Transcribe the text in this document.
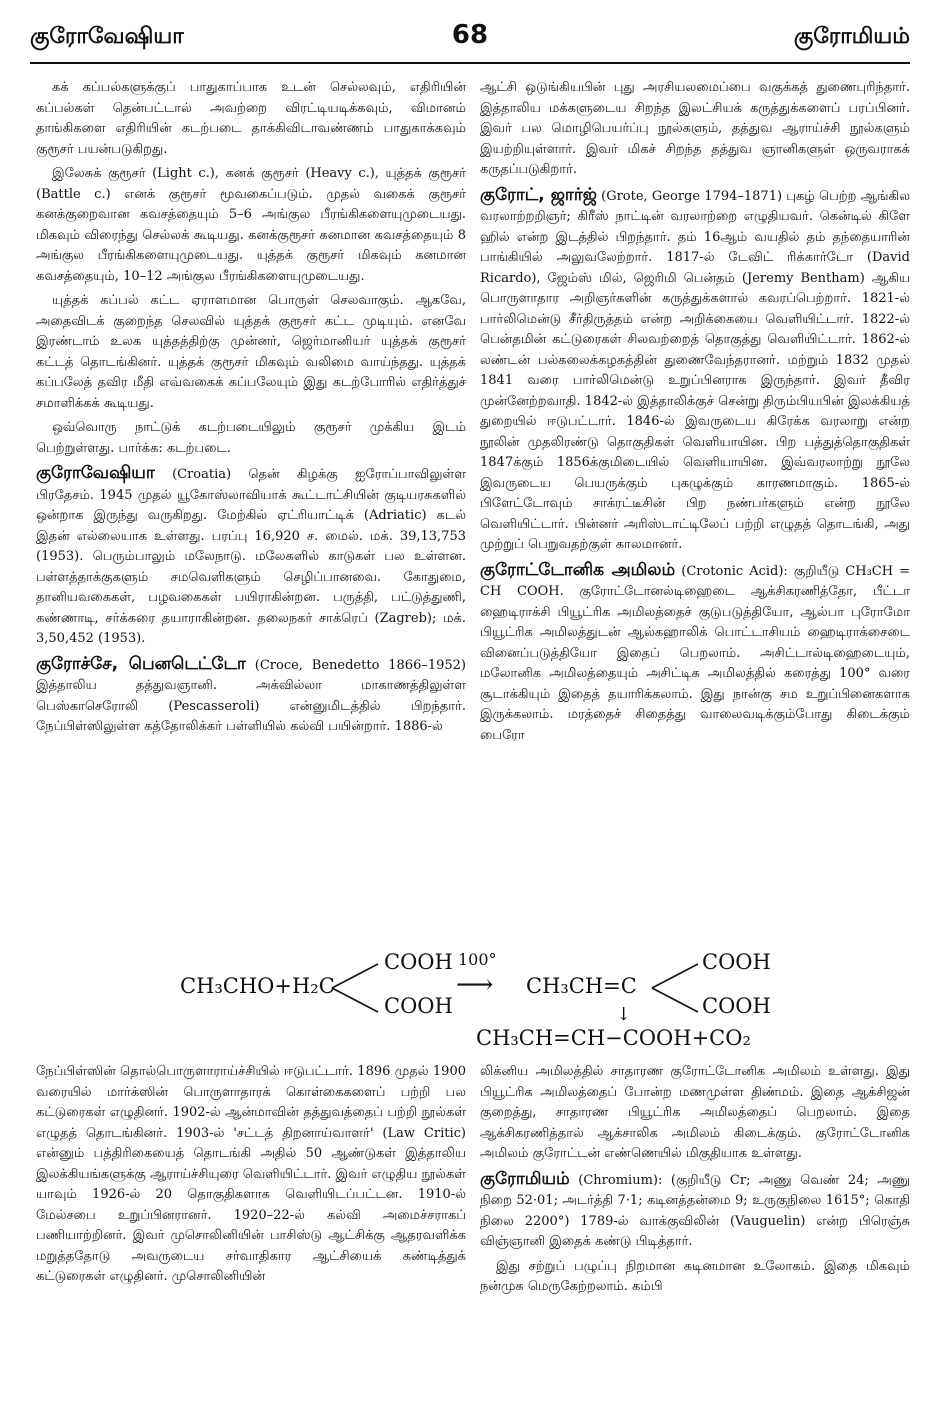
குரோவேஷியா	68	குரோமியம்

கக் கப்பல்களுக்குப் பாதுகாப்பாக உடன் செல்லவும், எதிரியின் கப்பல்கள் தென்பட்டால் அவற்றை விரட்டியடிக்கவும், விமானம் தாங்கிகளை எதிரியின் கடற்படை தாக்கிவிடாவண்ணம் பாதுகாக்கவும் குரூசர் பயன்படுகிறது.

இலேசுக் குரூசர் (Light c.), கனக் குரூசர் (Heavy c.), யுத்தக் குரூசர் (Battle c.) எனக் குரூசர் மூவகைப்படும். முதல் வகைக் குரூசர் கனக்குறைவான கவசத்தையும் 5–6 அங்குல பீரங்கிகளையுமுடையது. மிகவும் விரைந்து செல்லக் கூடியது. கனக்குரூசர் கனமான கவசத்தையும் 8 அங்குல பீரங்கிகளையுமுடையது. யுத்தக் குரூசர் மிகவும் கனமான கவசத்தையும், 10–12 அங்குல பீரங்கிகளையுமுடையது.

யுத்தக் கப்பல் கட்ட ஏராளமான பொருள் செலவாகும். ஆகவே, அதைவிடக் குறைந்த செலவில் யுத்தக் குரூசர் கட்ட முடியும். எனவே இரண்டாம் உலக யுத்தத்திற்கு முன்னர், ஜெர்மானியர் யுத்தக் குரூசர் கட்டத் தொடங்கினர். யுத்தக் குரூசர் மிகவும் வலிமை வாய்ந்தது. யுத்தக் கப்பலேத் தவிர மீதி எவ்வகைக் கப்பலேயும் இது கடற்போரில் எதிர்த்துச் சமாளிக்கக் கூடியது.

ஒவ்வொரு நாட்டுக் கடற்படையிலும் குரூசர் முக்கிய இடம் பெற்றுள்ளது. பார்க்க: கடற்படை.

குரோவேஷியா (Croatia) தென் கிழக்கு ஐரோப்பாவிலுள்ள பிரதேசம். 1945 முதல் யூகோஸ்லாவியாக் கூட்டாட்சியின் குடியரசுகளில் ஒன்றாக இருந்து வருகிறது. மேற்கில் ஏட்ரியாட்டிக் (Adriatic) கடல் இதன் எல்லையாக உள்ளது. பரப்பு 16,920 ச. மைல். மக். 39,13,753 (1953). பெரும்பாலும் மலேநாடு. மலேகளில் காடுகள் பல உள்ளன. பள்ளத்தாக்குகளும் சமவெளிகளும் செழிப்பானவை. கோதுமை, தானியவகைகள், பழவகைகள் பயிராகின்றன. பருத்தி, பட்டுத்துணி, கண்ணாடி, சர்க்கரை தயாராகின்றன. தலைநகர் சாக்ரெப் (Zagreb); மக். 3,50,452 (1953).

குரோச்சே, பெனடெட்டோ (Croce, Benedetto 1866–1952) இத்தாலிய தத்துவஞானி. அக்வில்லா மாகாணத்திலுள்ள பெஸ்காசெரோலி (Pescasseroli) என்னுமிடத்தில் பிறந்தார். நேப்பிள்ஸிலுள்ள கத்தோலிக்கர் பள்ளியில் கல்வி பயின்றார். 1886-ல்

ஆட்சி ஒடுங்கியபின் புது அரசியலமைப்பை வகுக்கத் துணைபுரிந்தார். இத்தாலிய மக்களுடைய சிறந்த இலட்சியக் கருத்துக்களைப் பரப்பினர். இவர் பல மொழிபெயர்ப்பு நூல்களும், தத்துவ ஆராய்ச்சி நூல்களும் இயற்றியுள்ளார். இவர் மிகச் சிறந்த தத்துவ ஞானிகளுள் ஒருவராகக் கருதப்படுகிறார்.

குரோட், ஜார்ஜ் (Grote, George 1794–1871) புகழ் பெற்ற ஆங்கில வரலாற்றறிஞர்; கிரீஸ் நாட்டின் வரலாற்றை எழுதியவர். கென்டில் கிளே ஹில் என்ற இடத்தில் பிறந்தார். தம் 16ஆம் வயதில் தம் தந்தையாரின் பாங்கியில் அலுவலேற்றார். 1817-ல் டேவிட் ரிக்கார்டோ (David Ricardo), ஜேம்ஸ் மில், ஜெரிமி பென்தம் (Jeremy Bentham) ஆகிய பொருளாதார அறிஞர்களின் கருத்துக்களால் கவரப்பெற்றார். 1821-ல் பார்லிமென்டு சீர்திருத்தம் என்ற அறிக்கையை வெளியிட்டார். 1822-ல் பென்தமின் கட்டுரைகள் சிலவற்றைத் தொகுத்து வெளியிட்டார். 1862-ல் லண்டன் பல்கலைக்கழகத்தின் துணைவேந்தரானர். மற்றும் 1832 முதல் 1841 வரை பார்லிமென்டு உறுப்பினராக இருந்தார். இவர் தீவிர முன்னேற்றவாதி. 1842-ல் இத்தாலிக்குச் சென்று திரும்பியபின் இலக்கியத் துறையில் ஈடுபட்டார். 1846-ல் இவருடைய கிரேக்க வரலாறு என்ற நூலின் முதலிரண்டு தொகுதிகள் வெளியாயின. பிற பத்துத்தொகுதிகள் 1847க்கும் 1856க்குமிடையில் வெளியாயின. இவ்வரலாற்று நூலே இவருடைய பெயருக்கும் புகழுக்கும் காரணமாகும். 1865-ல் பிளேட்டோவும் சாக்ரட்டீசின் பிற நண்பர்களும் என்ற நூலே வெளியிட்டார். பின்னர் அரிஸ்டாட்டிலேப் பற்றி எழுதத் தொடங்கி, அது முற்றுப் பெறுவதற்குள் காலமானர்.

குரோட்டோனிக அமிலம் (Crotonic Acid): குறியீடு CH₃CH = CH COOH. குரோட்டோனல்டிஹைடை ஆக்சிகரணித்தோ, பீட்டா ஹைடிராக்சி பியூட்ரிக அமிலத்தைச் குடுபடுத்தியோ, ஆல்பா புரோமோ பியூட்ரிக அமிலத்துடன் ஆல்கஹாலிக் பொட்டாசியம் ஹைடிராக்சைடை வினைப்படுத்தியோ இதைப் பெறலாம். அசிட்டால்டிஹைடையும், மலோனிக அமிலத்தையும் அசிட்டிக அமிலத்தில் கரைத்து 100° வரை சூடாக்கியும் இதைத் தயாரிக்கலாம். இது நான்கு சம உறுப்பினைகளாக இருக்கலாம். மரத்தைச் சிதைத்து வாலைவடிக்கும்போது கிடைக்கும் பைரோ

CH₃CHO+H₂C
COOH
COOH
100°
⟶ CH₃CH=C
COOH
COOH
↓
CH₃CH=CH−COOH+CO₂

நேப்பிள்ஸின் தொல்பொருளாராய்ச்சியில் ஈடுபட்டார். 1896 முதல் 1900 வரையில் மார்க்ஸின் பொருளாதாரக் கொள்கைகளைப் பற்றி பல கட்டுரைகள் எழுதினர். 1902-ல் ஆன்மாவின் தத்துவத்தைப் பற்றி நூல்கள் எழுதத் தொடங்கினர். 1903-ல் 'சட்டத் திறனாய்வாளர்' (Law Critic) என்னும் பத்திரிகையைத் தொடங்கி அதில் 50 ஆண்டுகள் இத்தாலிய இலக்கியங்களுக்கு ஆராய்ச்சியுரை வெளியிட்டார். இவர் எழுதிய நூல்கள் யாவும் 1926-ல் 20 தொகுதிகளாக வெளியிடப்பட்டன. 1910-ல் மேல்சபை உறுப்பினரானர். 1920–22-ல் கல்வி அமைச்சராகப் பணியாற்றினர். இவர் முசொலினியின் பாசிஸ்டு ஆட்சிக்கு ஆதரவளிக்க மறுத்ததோடு அவருடைய சர்வாதிகார ஆட்சியைக் கண்டித்துக் கட்டுரைகள் எழுதினர். முசொலினியின்

லிக்னிய அமிலத்தில் சாதாரண குரோட்டோனிக அமிலம் உள்ளது. இது பியூட்ரிக அமிலத்தைப் போன்ற மணமுள்ள திண்மம். இதை ஆக்சிஜன் குறைத்து, சாதாரண பியூட்ரிக அமிலத்தைப் பெறலாம். இதை ஆக்சிகரணித்தால் ஆக்சாலிக அமிலம் கிடைக்கும். குரோட்டோனிக அமிலம் குரோட்டன் எண்ணெயில் மிகுதியாக உள்ளது.

குரோமியம் (Chromium): (குறியீடு Cr; அணு வெண் 24; அணு நிறை 52·01; அடர்த்தி 7·1; கடினத்தன்மை 9; உருகுநிலை 1615°; கொதி நிலை 2200°) 1789-ல் வாக்குவிலின் (Vauguelin) என்ற பிரெஞ்சு விஞ்ஞானி இதைக் கண்டு பிடித்தார்.

இது சற்றுப் பழுப்பு நிறமான கடினமான உலோகம். இதை மிகவும் நன்முக மெருகேற்றலாம். கம்பி
